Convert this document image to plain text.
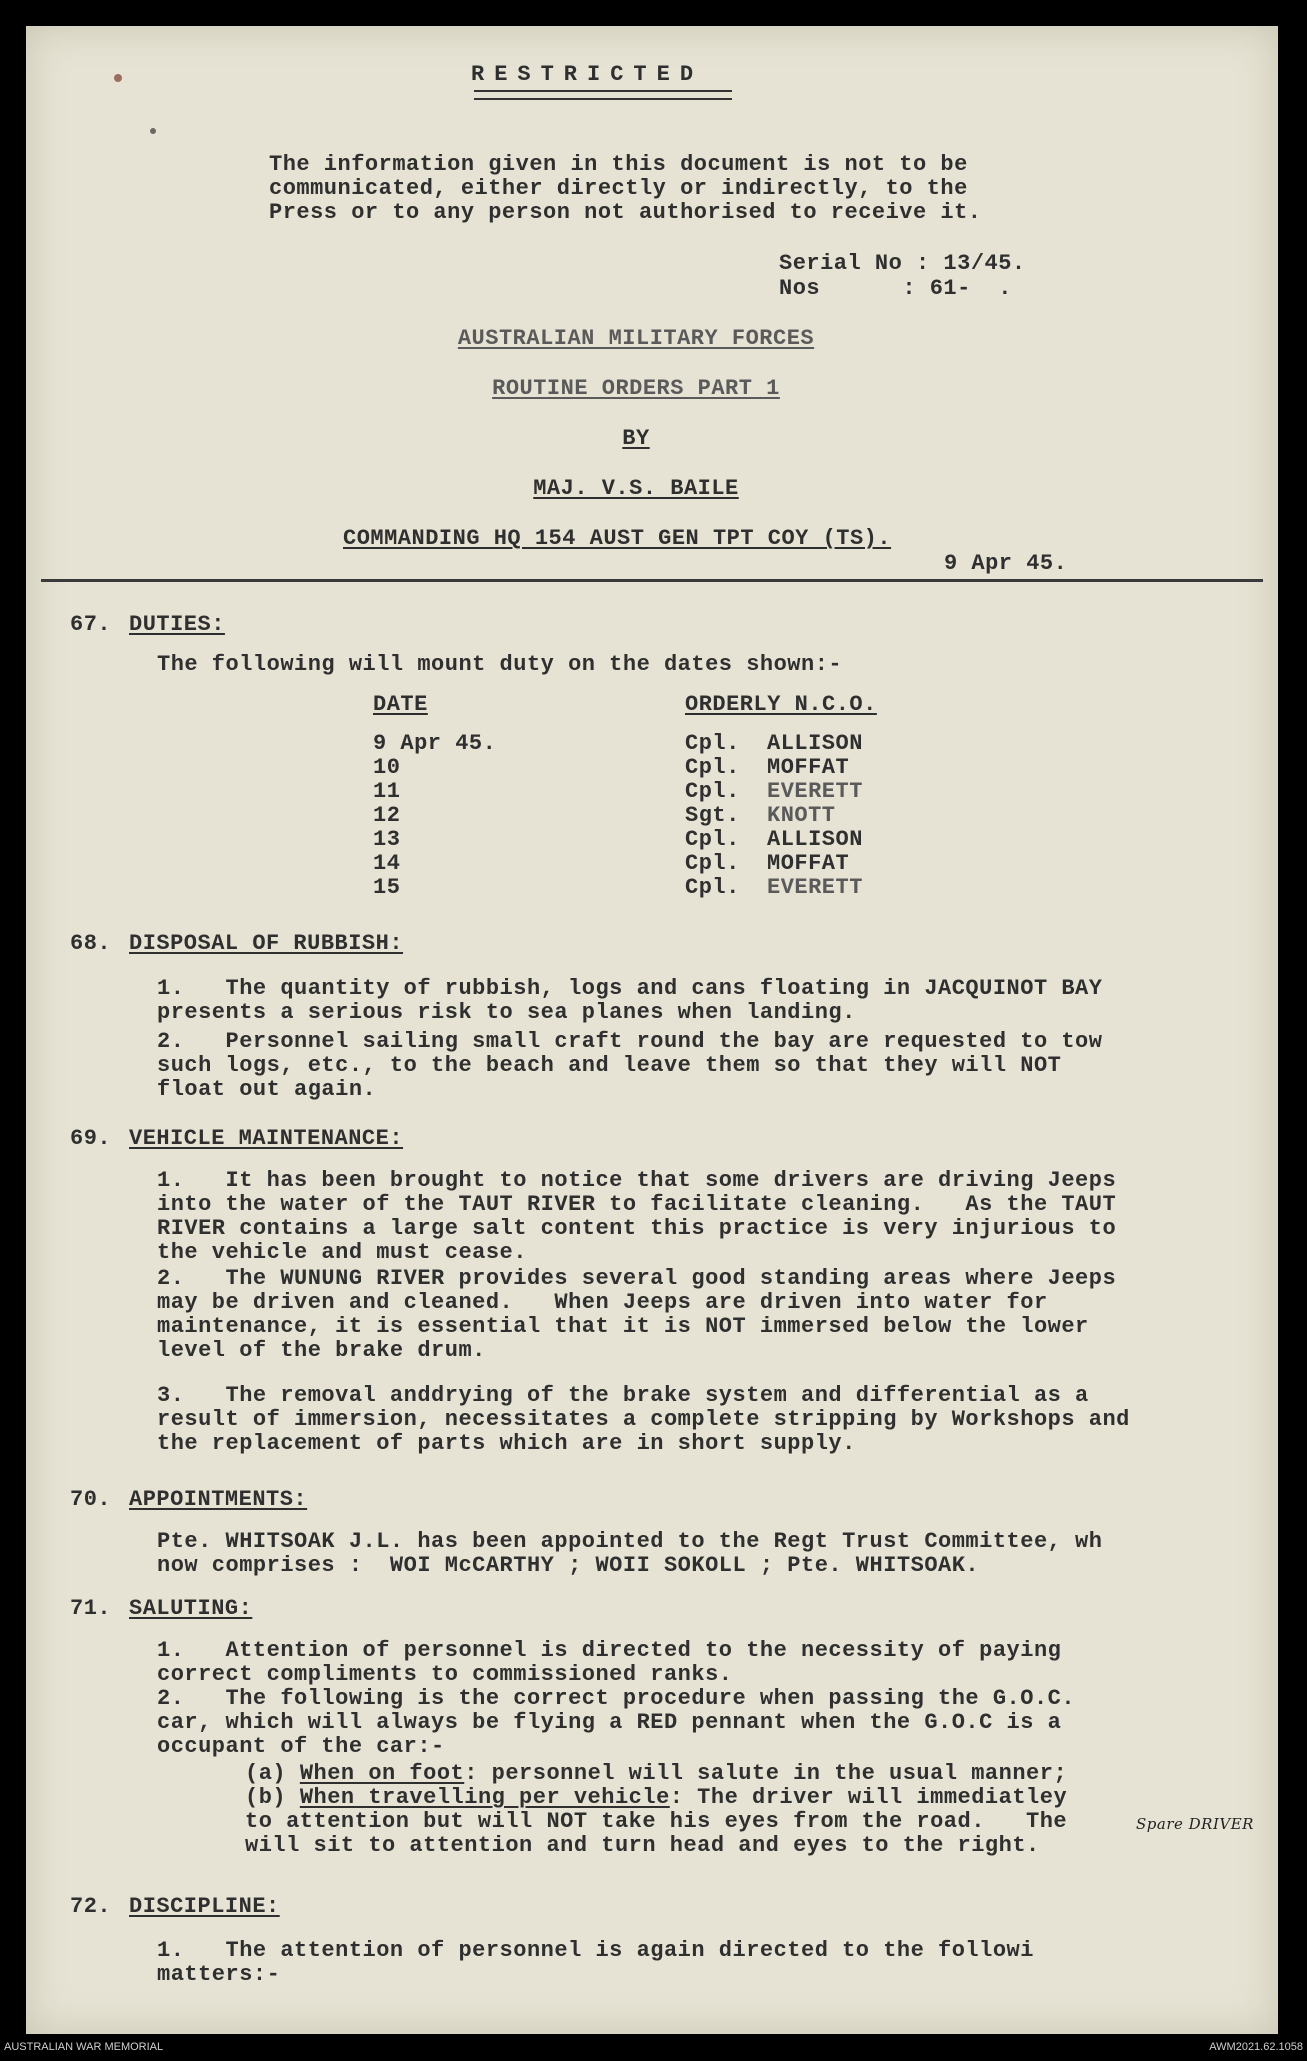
RESTRICTED
The information given in this document is not to be
communicated, either directly or indirectly, to the
Press or to any person not authorised to receive it.
Serial No : 13/45.
Nos      : 61-  .
AUSTRALIAN MILITARY FORCES
ROUTINE ORDERS PART 1
BY
MAJ. V.S. BAILE
COMMANDING HQ 154 AUST GEN TPT COY (TS).
9 Apr 45.
67. DUTIES:
The following will mount duty on the dates shown:-
DATE	ORDERLY N.C.O.
9 Apr 45.	Cpl. ALLISON
10	Cpl. MOFFAT
11	Cpl. EVERETT
12	Sgt. KNOTT
13	Cpl. ALLISON
14	Cpl. MOFFAT
15	Cpl. EVERETT
68. DISPOSAL OF RUBBISH:
1.   The quantity of rubbish, logs and cans floating in JACQUINOT BAY
presents a serious risk to sea planes when landing.
2.   Personnel sailing small craft round the bay are requested to tow
such logs, etc., to the beach and leave them so that they will NOT
float out again.
69. VEHICLE MAINTENANCE:
1.   It has been brought to notice that some drivers are driving Jeeps
into the water of the TAUT RIVER to facilitate cleaning.   As the TAUT
RIVER contains a large salt content this practice is very injurious to
the vehicle and must cease.
2.   The WUNUNG RIVER provides several good standing areas where Jeeps
may be driven and cleaned.   When Jeeps are driven into water for
maintenance, it is essential that it is NOT immersed below the lower
level of the brake drum.
3.   The removal anddrying of the brake system and differential as a
result of immersion, necessitates a complete stripping by Workshops and
the replacement of parts which are in short supply.
70. APPOINTMENTS:
Pte. WHITSOAK J.L. has been appointed to the Regt Trust Committee, wh
now comprises :  WOI McCARTHY ; WOII SOKOLL ; Pte. WHITSOAK.
71. SALUTING:
1.   Attention of personnel is directed to the necessity of paying
correct compliments to commissioned ranks.
2.   The following is the correct procedure when passing the G.O.C.
car, which will always be flying a RED pennant when the G.O.C is a
occupant of the car:-
(a) When on foot: personnel will salute in the usual manner;
(b) When travelling per vehicle: The driver will immediatley
to attention but will NOT take his eyes from the road.   The
will sit to attention and turn head and eyes to the right.
Spare DRIVER
72. DISCIPLINE:
1.   The attention of personnel is again directed to the followi
matters:-
AUSTRALIAN WAR MEMORIAL	AWM2021.62.1058
